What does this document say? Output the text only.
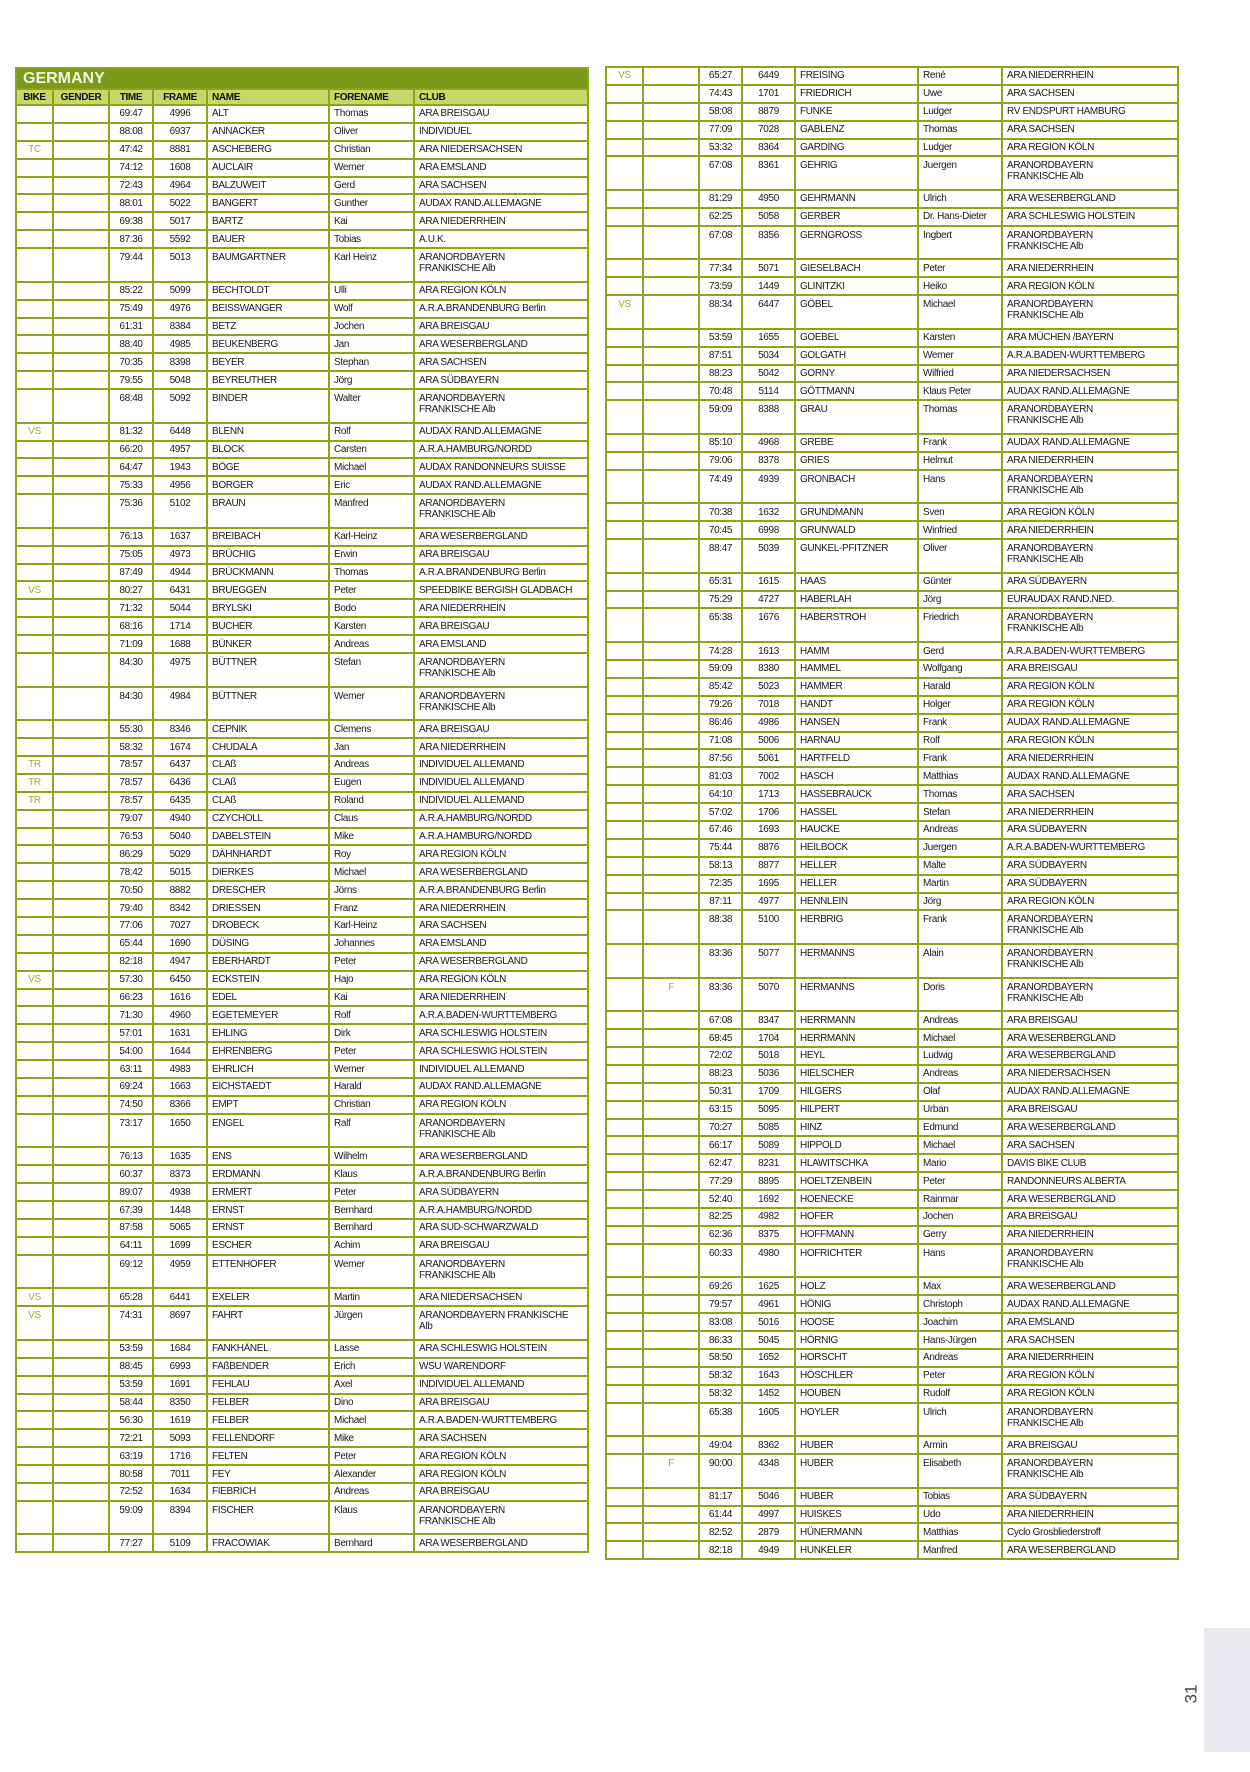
GERMANY						
BIKE	GENDER	TIME	FRAME	NAME	FORENAME	CLUB
		69:47	4996	ALT	Thomas	ARA BREISGAU
		88:08	6937	ANNACKER	Oliver	INDIVIDUEL
TC		47:42	8881	ASCHEBERG	Christian	ARA NIEDERSACHSEN
		74:12	1608	AUCLAIR	Werner	ARA EMSLAND
		72:43	4964	BALZUWEIT	Gerd	ARA SACHSEN
		88:01	5022	BANGERT	Gunther	AUDAX RAND.ALLEMAGNE
		69:38	5017	BARTZ	Kai	ARA NIEDERRHEIN
		87:36	5592	BAUER	Tobias	A.U.K.
		79:44	5013	BAUMGARTNER	Karl Heinz	ARANORDBAYERN
FRANKISCHE Alb
		85:22	5099	BECHTOLDT	Ulli	ARA REGION KÖLN
		75:49	4976	BEISSWANGER	Wolf	A.R.A.BRANDENBURG Berlin
		61:31	8384	BETZ	Jochen	ARA BREISGAU
		88:40	4985	BEUKENBERG	Jan	ARA WESERBERGLAND
		70:35	8398	BEYER	Stephan	ARA SACHSEN
		79:55	5048	BEYREUTHER	Jörg	ARA SÜDBAYERN
		68:48	5092	BINDER	Walter	ARANORDBAYERN
FRANKISCHE Alb
VS		81:32	6448	BLENN	Rolf	AUDAX RAND.ALLEMAGNE
		66:20	4957	BLOCK	Carsten	A.R.A.HAMBURG/NORDD
		64:47	1943	BÖGE	Michael	AUDAX RANDONNEURS SUISSE
		75:33	4956	BORGER	Eric	AUDAX RAND.ALLEMAGNE
		75:36	5102	BRAUN	Manfred	ARANORDBAYERN
FRANKISCHE Alb
		76:13	1637	BREIBACH	Karl-Heinz	ARA WESERBERGLAND
		75:05	4973	BRÜCHIG	Erwin	ARA BREISGAU
		87:49	4944	BRÜCKMANN	Thomas	A.R.A.BRANDENBURG Berlin
VS		80:27	6431	BRUEGGEN	Peter	SPEEDBIKE BERGISH GLADBACH
		71:32	5044	BRYLSKI	Bodo	ARA NIEDERRHEIN
		68:16	1714	BUCHER	Karsten	ARA BREISGAU
		71:09	1688	BÜNKER	Andreas	ARA EMSLAND
		84:30	4975	BÜTTNER	Stefan	ARANORDBAYERN
FRANKISCHE Alb
		84:30	4984	BÜTTNER	Werner	ARANORDBAYERN
FRANKISCHE Alb
		55:30	8346	CEPNIK	Clemens	ARA BREISGAU
		58:32	1674	CHUDALA	Jan	ARA NIEDERRHEIN
TR		78:57	6437	CLAß	Andreas	INDIVIDUEL ALLEMAND
TR		78:57	6436	CLAß	Eugen	INDIVIDUEL ALLEMAND
TR		78:57	6435	CLAß	Roland	INDIVIDUEL ALLEMAND
		79:07	4940	CZYCHOLL	Claus	A.R.A.HAMBURG/NORDD
		76:53	5040	DABELSTEIN	Mike	A.R.A.HAMBURG/NORDD
		86:29	5029	DÄHNHARDT	Roy	ARA REGION KÖLN
		78:42	5015	DIERKES	Michael	ARA WESERBERGLAND
		70:50	8882	DRESCHER	Jörns	A.R.A.BRANDENBURG Berlin
		79:40	8342	DRIESSEN	Franz	ARA NIEDERRHEIN
		77:06	7027	DROBECK	Karl-Heinz	ARA SACHSEN
		65:44	1690	DÜSING	Johannes	ARA EMSLAND
		82:18	4947	EBERHARDT	Peter	ARA WESERBERGLAND
VS		57:30	6450	ECKSTEIN	Hajo	ARA REGION KÖLN
		66:23	1616	EDEL	Kai	ARA NIEDERRHEIN
		71:30	4960	EGETEMEYER	Rolf	A.R.A.BADEN-WURTTEMBERG
		57:01	1631	EHLING	Dirk	ARA SCHLESWIG HOLSTEIN
		54:00	1644	EHRENBERG	Peter	ARA SCHLESWIG HOLSTEIN
		63:11	4983	EHRLICH	Werner	INDIVIDUEL ALLEMAND
		69:24	1663	EICHSTAEDT	Harald	AUDAX RAND.ALLEMAGNE
		74:50	8366	EMPT	Christian	ARA REGION KÖLN
		73:17	1650	ENGEL	Ralf	ARANORDBAYERN
FRANKISCHE Alb
		76:13	1635	ENS	Wilhelm	ARA WESERBERGLAND
		60:37	8373	ERDMANN	Klaus	A.R.A.BRANDENBURG Berlin
		89:07	4938	ERMERT	Peter	ARA SÜDBAYERN
		67:39	1448	ERNST	Bernhard	A.R.A.HAMBURG/NORDD
		87:58	5065	ERNST	Bernhard	ARA SUD-SCHWARZWALD
		64:11	1699	ESCHER	Achim	ARA BREISGAU
		69:12	4959	ETTENHOFER	Werner	ARANORDBAYERN
FRANKISCHE Alb
VS		65:28	6441	EXELER	Martin	ARA NIEDERSACHSEN
VS		74:31	8697	FAHRT	Jürgen	ARANORDBAYERN FRANKISCHE
Alb
		53:59	1684	FANKHÄNEL	Lasse	ARA SCHLESWIG HOLSTEIN
		88:45	6993	FAßBENDER	Erich	WSU WARENDORF
		53:59	1691	FEHLAU	Axel	INDIVIDUEL ALLEMAND
		58:44	8350	FELBER	Dino	ARA BREISGAU
		56:30	1619	FELBER	Michael	A.R.A.BADEN-WURTTEMBERG
		72:21	5093	FELLENDORF	Mike	ARA SACHSEN
		63:19	1716	FELTEN	Peter	ARA REGION KÖLN
		80:58	7011	FEY	Alexander	ARA REGION KÖLN
		72:52	1634	FIEBRICH	Andreas	ARA BREISGAU
		59:09	8394	FISCHER	Klaus	ARANORDBAYERN
FRANKISCHE Alb
		77:27	5109	FRACOWIAK	Bernhard	ARA WESERBERGLAND
VS		65:27	6449	FREISING	René	ARA NIEDERRHEIN
		74:43	1701	FRIEDRICH	Uwe	ARA SACHSEN
		58:08	8879	FUNKE	Ludger	RV ENDSPURT HAMBURG
		77:09	7028	GABLENZ	Thomas	ARA SACHSEN
		53:32	8364	GARDING	Ludger	ARA REGION KÖLN
		67:08	8361	GEHRIG	Juergen	ARANORDBAYERN
FRANKISCHE Alb
		81:29	4950	GEHRMANN	Ulrich	ARA WESERBERGLAND
		62:25	5058	GERBER	Dr. Hans-Dieter	ARA SCHLESWIG HOLSTEIN
		67:08	8356	GERNGROSS	Ingbert	ARANORDBAYERN
FRANKISCHE Alb
		77:34	5071	GIESELBACH	Peter	ARA NIEDERRHEIN
		73:59	1449	GLINITZKI	Heiko	ARA REGION KÖLN
VS		88:34	6447	GÖBEL	Michael	ARANORDBAYERN
FRANKISCHE Alb
		53:59	1655	GOEBEL	Karsten	ARA MÜCHEN /BAYERN
		87:51	5034	GOLGATH	Werner	A.R.A.BADEN-WURTTEMBERG
		88:23	5042	GORNY	Wilfried	ARA NIEDERSACHSEN
		70:48	5114	GÖTTMANN	Klaus Peter	AUDAX RAND.ALLEMAGNE
		59:09	8388	GRAU	Thomas	ARANORDBAYERN
FRANKISCHE Alb
		85:10	4968	GREBE	Frank	AUDAX RAND.ALLEMAGNE
		79:06	8378	GRIES	Helmut	ARA NIEDERRHEIN
		74:49	4939	GRONBACH	Hans	ARANORDBAYERN
FRANKISCHE Alb
		70:38	1632	GRUNDMANN	Sven	ARA REGION KÖLN
		70:45	6998	GRUNWALD	Winfried	ARA NIEDERRHEIN
		88:47	5039	GUNKEL-PFITZNER	Oliver	ARANORDBAYERN
FRANKISCHE Alb
		65:31	1615	HAAS	Günter	ARA SÜDBAYERN
		75:29	4727	HABERLAH	Jörg	EURAUDAX RAND.NED.
		65:38	1676	HABERSTROH	Friedrich	ARANORDBAYERN
FRANKISCHE Alb
		74:28	1613	HAMM	Gerd	A.R.A.BADEN-WURTTEMBERG
		59:09	8380	HAMMEL	Wolfgang	ARA BREISGAU
		85:42	5023	HAMMER	Harald	ARA REGION KÖLN
		79:26	7018	HANDT	Holger	ARA REGION KÖLN
		86:46	4986	HANSEN	Frank	AUDAX RAND.ALLEMAGNE
		71:08	5006	HARNAU	Rolf	ARA REGION KÖLN
		87:56	5061	HARTFELD	Frank	ARA NIEDERRHEIN
		81:03	7002	HASCH	Matthias	AUDAX RAND.ALLEMAGNE
		64:10	1713	HASSEBRAUCK	Thomas	ARA SACHSEN
		57:02	1706	HASSEL	Stefan	ARA NIEDERRHEIN
		67:46	1693	HAUCKE	Andreas	ARA SÜDBAYERN
		75:44	8876	HEILBOCK	Juergen	A.R.A.BADEN-WURTTEMBERG
		58:13	8877	HELLER	Malte	ARA SÜDBAYERN
		72:35	1695	HELLER	Martin	ARA SÜDBAYERN
		87:11	4977	HENNLEIN	Jörg	ARA REGION KÖLN
		88:38	5100	HERBRIG	Frank	ARANORDBAYERN
FRANKISCHE Alb
		83:36	5077	HERMANNS	Alain	ARANORDBAYERN
FRANKISCHE Alb
	F	83:36	5070	HERMANNS	Doris	ARANORDBAYERN
FRANKISCHE Alb
		67:08	8347	HERRMANN	Andreas	ARA BREISGAU
		68:45	1704	HERRMANN	Michael	ARA WESERBERGLAND
		72:02	5018	HEYL	Ludwig	ARA WESERBERGLAND
		88:23	5036	HIELSCHER	Andreas	ARA NIEDERSACHSEN
		50:31	1709	HILGERS	Olaf	AUDAX RAND.ALLEMAGNE
		63:15	5095	HILPERT	Urban	ARA BREISGAU
		70:27	5085	HINZ	Edmund	ARA WESERBERGLAND
		66:17	5089	HIPPOLD	Michael	ARA SACHSEN
		62:47	8231	HLAWITSCHKA	Mario	DAVIS BIKE CLUB
		77:29	8895	HOELTZENBEIN	Peter	RANDONNEURS ALBERTA
		52:40	1692	HOENECKE	Rainmar	ARA WESERBERGLAND
		82:25	4982	HOFER	Jochen	ARA BREISGAU
		62:36	8375	HOFFMANN	Gerry	ARA NIEDERRHEIN
		60:33	4980	HOFRICHTER	Hans	ARANORDBAYERN
FRANKISCHE Alb
		69:26	1625	HOLZ	Max	ARA WESERBERGLAND
		79:57	4961	HÖNIG	Christoph	AUDAX RAND.ALLEMAGNE
		83:08	5016	HOOSE	Joachim	ARA EMSLAND
		86:33	5045	HÖRNIG	Hans-Jürgen	ARA SACHSEN
		58:50	1652	HORSCHT	Andreas	ARA NIEDERRHEIN
		58:32	1643	HÖSCHLER	Peter	ARA REGION KÖLN
		58:32	1452	HOUBEN	Rudolf	ARA REGION KÖLN
		65:38	1605	HOYLER	Ulrich	ARANORDBAYERN
FRANKISCHE Alb
		49:04	8362	HUBER	Armin	ARA BREISGAU
	F	90:00	4348	HUBER	Elisabeth	ARANORDBAYERN
FRANKISCHE Alb
		81:17	5046	HUBER	Tobias	ARA SÜDBAYERN
		61:44	4997	HUISKES	Udo	ARA NIEDERRHEIN
		82:52	2879	HÜNERMANN	Matthias	Cyclo Grosbliederstroff
		82:18	4949	HUNKELER	Manfred	ARA WESERBERGLAND
31
